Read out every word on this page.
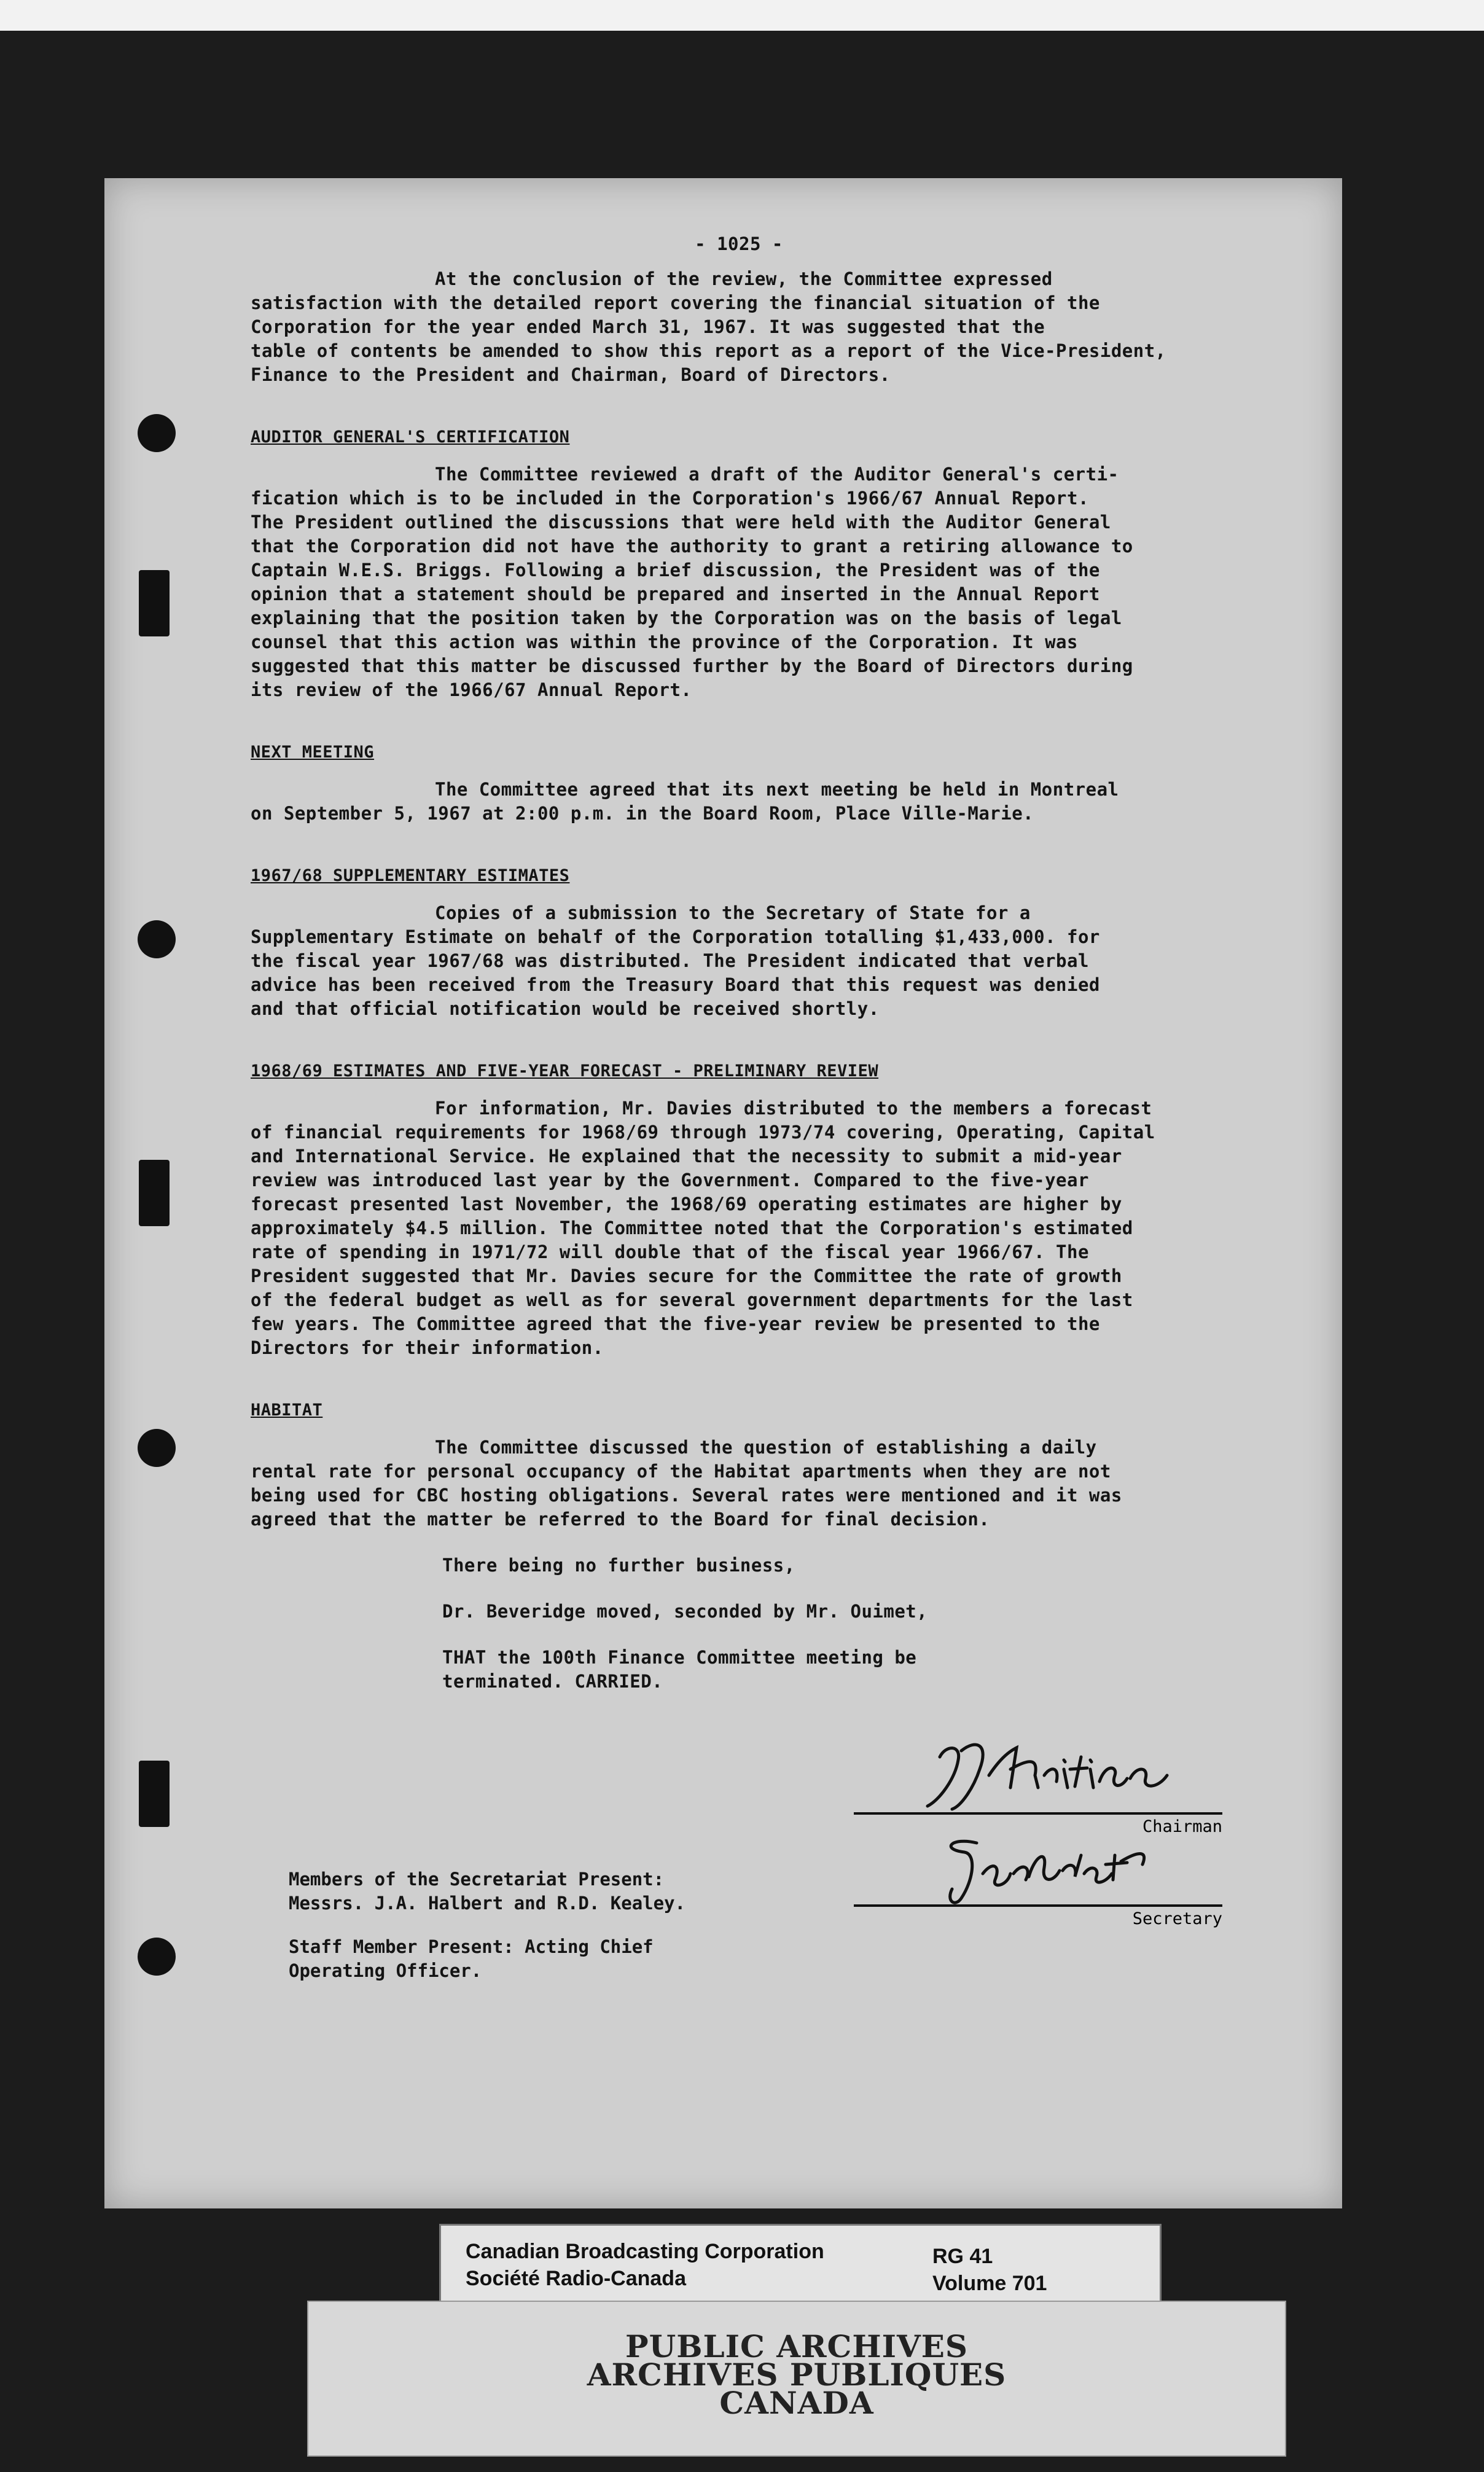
- 1025 -

At the conclusion of the review, the Committee expressed
satisfaction with the detailed report covering the financial situation of the
Corporation for the year ended March 31, 1967. It was suggested that the
table of contents be amended to show this report as a report of the Vice-President,
Finance to the President and Chairman, Board of Directors.

AUDITOR GENERAL'S CERTIFICATION

The Committee reviewed a draft of the Auditor General's certi-
fication which is to be included in the Corporation's 1966/67 Annual Report.
The President outlined the discussions that were held with the Auditor General
that the Corporation did not have the authority to grant a retiring allowance to
Captain W.E.S. Briggs. Following a brief discussion, the President was of the
opinion that a statement should be prepared and inserted in the Annual Report
explaining that the position taken by the Corporation was on the basis of legal
counsel that this action was within the province of the Corporation. It was
suggested that this matter be discussed further by the Board of Directors during
its review of the 1966/67 Annual Report.

NEXT MEETING

The Committee agreed that its next meeting be held in Montreal
on September 5, 1967 at 2:00 p.m. in the Board Room, Place Ville-Marie.

1967/68 SUPPLEMENTARY ESTIMATES

Copies of a submission to the Secretary of State for a
Supplementary Estimate on behalf of the Corporation totalling $1,433,000. for
the fiscal year 1967/68 was distributed. The President indicated that verbal
advice has been received from the Treasury Board that this request was denied
and that official notification would be received shortly.

1968/69 ESTIMATES AND FIVE-YEAR FORECAST - PRELIMINARY REVIEW

For information, Mr. Davies distributed to the members a forecast
of financial requirements for 1968/69 through 1973/74 covering, Operating, Capital
and International Service. He explained that the necessity to submit a mid-year
review was introduced last year by the Government. Compared to the five-year
forecast presented last November, the 1968/69 operating estimates are higher by
approximately $4.5 million. The Committee noted that the Corporation's estimated
rate of spending in 1971/72 will double that of the fiscal year 1966/67. The
President suggested that Mr. Davies secure for the Committee the rate of growth
of the federal budget as well as for several government departments for the last
few years. The Committee agreed that the five-year review be presented to the
Directors for their information.

HABITAT

The Committee discussed the question of establishing a daily
rental rate for personal occupancy of the Habitat apartments when they are not
being used for CBC hosting obligations. Several rates were mentioned and it was
agreed that the matter be referred to the Board for final decision.

There being no further business,

Dr. Beveridge moved, seconded by Mr. Ouimet,

THAT the 100th Finance Committee meeting be
terminated. CARRIED.

Chairman
Secretary
Members of the Secretariat Present:
Messrs. J.A. Halbert and R.D. Kealey.
Staff Member Present: Acting Chief
Operating Officer.
Canadian Broadcasting Corporation
Société Radio-Canada
RG 41
Volume 701
PUBLIC ARCHIVES
ARCHIVES PUBLIQUES
CANADA
